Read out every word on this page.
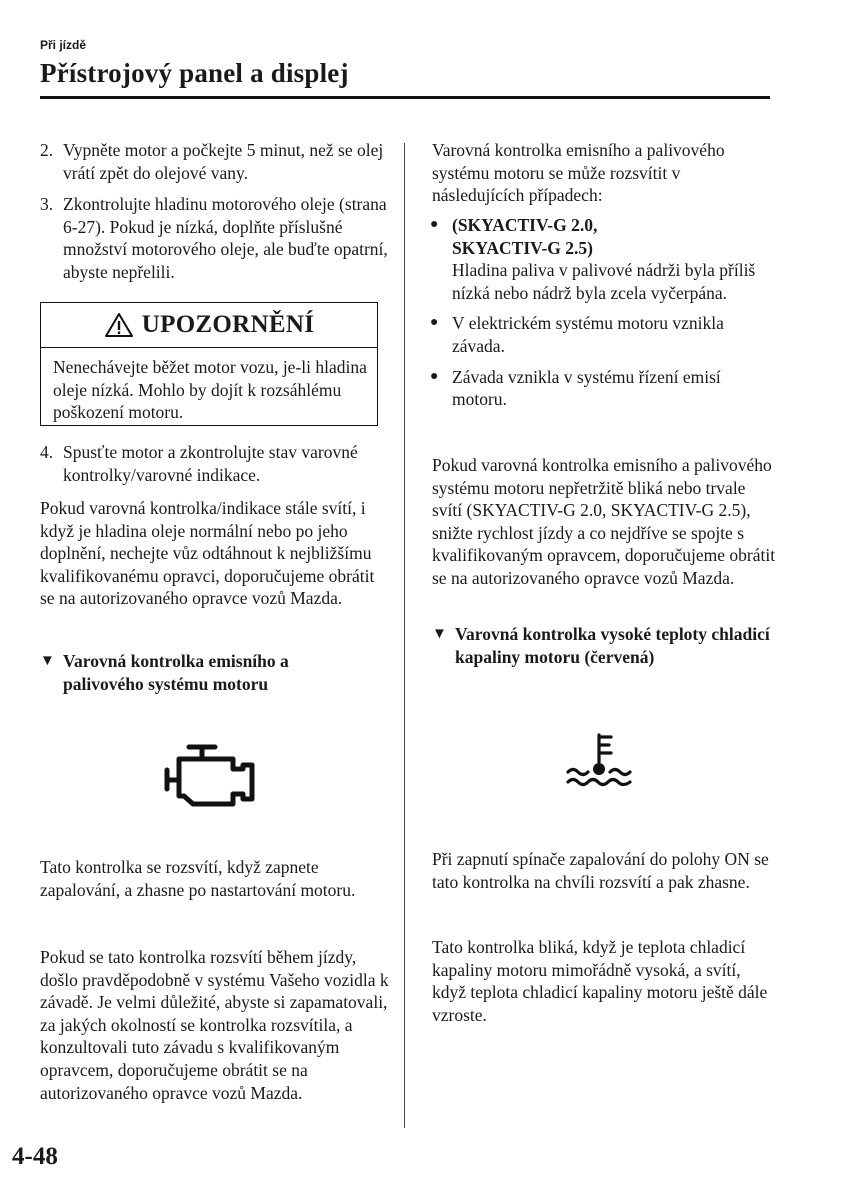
Při jízdě
Přístrojový panel a displej
2. Vypněte motor a počkejte 5 minut, než se olej vrátí zpět do olejové vany.
3. Zkontrolujte hladinu motorového oleje (strana 6-27). Pokud je nízká, doplňte příslušné množství motorového oleje, ale buďte opatrní, abyste nepřelili.
UPOZORNĚNÍ
Nenechávejte běžet motor vozu, je-li hladina oleje nízká. Mohlo by dojít k rozsáhlému poškození motoru.
4. Spusťte motor a zkontrolujte stav varovné kontrolky/varovné indikace.
Pokud varovná kontrolka/indikace stále svítí, i když je hladina oleje normální nebo po jeho doplnění, nechejte vůz odtáhnout k nejbližšímu kvalifikovanému opravci, doporučujeme obrátit se na autorizovaného opravce vozů Mazda.
▼ Varovná kontrolka emisního a palivového systému motoru
Tato kontrolka se rozsvítí, když zapnete zapalování, a zhasne po nastartování motoru.
Pokud se tato kontrolka rozsvítí během jízdy, došlo pravděpodobně v systému Vašeho vozidla k závadě. Je velmi důležité, abyste si zapamatovali, za jakých okolností se kontrolka rozsvítila, a konzultovali tuto závadu s kvalifikovaným opravcem, doporučujeme obrátit se na autorizovaného opravce vozů Mazda.
Varovná kontrolka emisního a palivového systému motoru se může rozsvítit v následujících případech:
● (SKYACTIV-G 2.0,
SKYACTIV-G 2.5)
Hladina paliva v palivové nádrži byla příliš nízká nebo nádrž byla zcela vyčerpána.
● V elektrickém systému motoru vznikla závada.
● Závada vznikla v systému řízení emisí motoru.
Pokud varovná kontrolka emisního a palivového systému motoru nepřetržitě bliká nebo trvale svítí (SKYACTIV-G 2.0, SKYACTIV-G 2.5), snižte rychlost jízdy a co nejdříve se spojte s kvalifikovaným opravcem, doporučujeme obrátit se na autorizovaného opravce vozů Mazda.
▼ Varovná kontrolka vysoké teploty chladicí kapaliny motoru (červená)
Při zapnutí spínače zapalování do polohy ON se tato kontrolka na chvíli rozsvítí a pak zhasne.
Tato kontrolka bliká, když je teplota chladicí kapaliny motoru mimořádně vysoká, a svítí, když teplota chladicí kapaliny motoru ještě dále vzroste.
4-48
